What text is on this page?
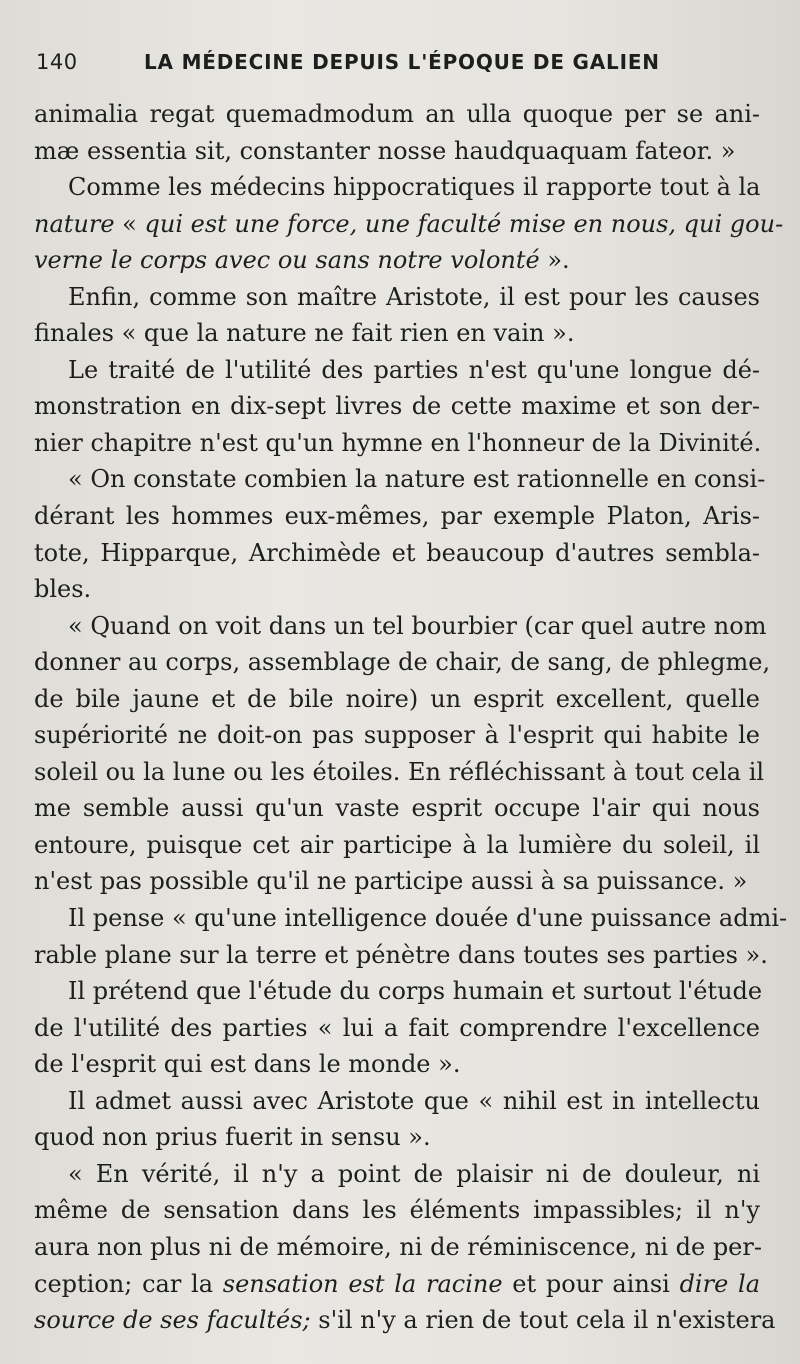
140	LA MÉDECINE DEPUIS L'ÉPOQUE DE GALIEN
animalia regat quemadmodum an ulla quoque per se ani-
mæ essentia sit, constanter nosse haudquaquam fateor. »
Comme les médecins hippocratiques il rapporte tout à la
nature « qui est une force, une faculté mise en nous, qui gou-
verne le corps avec ou sans notre volonté ».
Enfin, comme son maître Aristote, il est pour les causes
finales « que la nature ne fait rien en vain ».
Le traité de l'utilité des parties n'est qu'une longue dé-
monstration en dix-sept livres de cette maxime et son der-
nier chapitre n'est qu'un hymne en l'honneur de la Divinité.
« On constate combien la nature est rationnelle en consi-
dérant les hommes eux-mêmes, par exemple Platon, Aris-
tote, Hipparque, Archimède et beaucoup d'autres sembla-
bles.
« Quand on voit dans un tel bourbier (car quel autre nom
donner au corps, assemblage de chair, de sang, de phlegme,
de bile jaune et de bile noire) un esprit excellent, quelle
supériorité ne doit-on pas supposer à l'esprit qui habite le
soleil ou la lune ou les étoiles. En réfléchissant à tout cela il
me semble aussi qu'un vaste esprit occupe l'air qui nous
entoure, puisque cet air participe à la lumière du soleil, il
n'est pas possible qu'il ne participe aussi à sa puissance. »
Il pense « qu'une intelligence douée d'une puissance admi-
rable plane sur la terre et pénètre dans toutes ses parties ».
Il prétend que l'étude du corps humain et surtout l'étude
de l'utilité des parties « lui a fait comprendre l'excellence
de l'esprit qui est dans le monde ».
Il admet aussi avec Aristote que « nihil est in intellectu
quod non prius fuerit in sensu ».
« En vérité, il n'y a point de plaisir ni de douleur, ni
même de sensation dans les éléments impassibles; il n'y
aura non plus ni de mémoire, ni de réminiscence, ni de per-
ception; car la sensation est la racine et pour ainsi dire la
source de ses facultés; s'il n'y a rien de tout cela il n'existera
